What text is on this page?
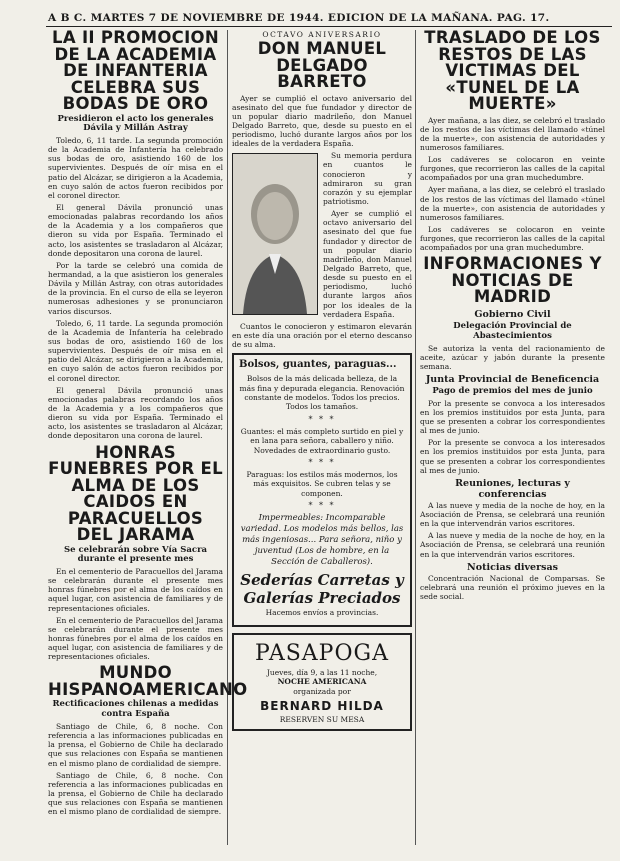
A B C. MARTES 7 DE NOVIEMBRE DE 1944. EDICION DE LA MAÑANA. PAG. 17.
LA II PROMOCION DE LA ACADEMIA DE INFANTERIA CELEBRA SUS BODAS DE ORO
Presidieron el acto los generales Dávila y Millán Astray

Toledo, 6, 11 tarde. La segunda promoción de la Academia de Infantería ha celebrado sus bodas de oro, asistiendo 160 de los supervivientes. Después de oír misa en el patio del Alcázar, se dirigieron a la Academia, en cuyo salón de actos fueron recibidos por el coronel director.

El general Dávila pronunció unas emocionadas palabras recordando los años de la Academia y a los compañeros que dieron su vida por España. Terminado el acto, los asistentes se trasladaron al Alcázar, donde depositaron una corona de laurel.

Por la tarde se celebró una comida de hermandad, a la que asistieron los generales Dávila y Millán Astray, con otras autoridades de la provincia. En el curso de ella se leyeron numerosas adhesiones y se pronunciaron varios discursos.

Toledo, 6, 11 tarde. La segunda promoción de la Academia de Infantería ha celebrado sus bodas de oro, asistiendo 160 de los supervivientes. Después de oír misa en el patio del Alcázar, se dirigieron a la Academia, en cuyo salón de actos fueron recibidos por el coronel director.

El general Dávila pronunció unas emocionadas palabras recordando los años de la Academia y a los compañeros que dieron su vida por España. Terminado el acto, los asistentes se trasladaron al Alcázar, donde depositaron una corona de laurel.

HONRAS FUNEBRES POR EL ALMA DE LOS CAIDOS EN PARACUELLOS DEL JARAMA
Se celebrarán sobre Vía Sacra durante el presente mes

En el cementerio de Paracuellos del Jarama se celebrarán durante el presente mes honras fúnebres por el alma de los caídos en aquel lugar, con asistencia de familiares y de representaciones oficiales.

En el cementerio de Paracuellos del Jarama se celebrarán durante el presente mes honras fúnebres por el alma de los caídos en aquel lugar, con asistencia de familiares y de representaciones oficiales.

MUNDO HISPANOAMERICANO
Rectificaciones chilenas a medidas contra España

Santiago de Chile, 6, 8 noche. Con referencia a las informaciones publicadas en la prensa, el Gobierno de Chile ha declarado que sus relaciones con España se mantienen en el mismo plano de cordialidad de siempre.

Santiago de Chile, 6, 8 noche. Con referencia a las informaciones publicadas en la prensa, el Gobierno de Chile ha declarado que sus relaciones con España se mantienen en el mismo plano de cordialidad de siempre.

OCTAVO ANIVERSARIO
DON MANUEL DELGADO BARRETO

Ayer se cumplió el octavo aniversario del asesinato del que fue fundador y director de un popular diario madrileño, don Manuel Delgado Barreto, que, desde su puesto en el periodismo, luchó durante largos años por los ideales de la verdadera España.

Su memoria perdura en cuantos le conocieron y admiraron su gran corazón y su ejemplar patriotismo.

Ayer se cumplió el octavo aniversario del asesinato del que fue fundador y director de un popular diario madrileño, don Manuel Delgado Barreto, que, desde su puesto en el periodismo, luchó durante largos años por los ideales de la verdadera España.

Cuantos le conocieron y estimaron elevarán en este día una oración por el eterno descanso de su alma.

Bolsos, guantes, paraguas...

Bolsos de la más delicada belleza, de la más fina y depurada elegancia. Renovación constante de modelos. Todos los precios. Todos los tamaños.

* * *

Guantes: el más completo surtido en piel y en lana para señora, caballero y niño. Novedades de extraordinario gusto.

* * *

Paraguas: los estilos más modernos, los más exquisitos. Se cubren telas y se componen.

* * *

Impermeables: Incomparable variedad. Los modelos más bellos, las más ingeniosas... Para señora, niño y juventud (Los de hombre, en la Sección de Caballeros).

Sederías Carretas y Galerías Preciados

Hacemos envíos a provincias.

PASAPOGA

Jueves, día 9, a las 11 noche,

NOCHE AMERICANA

organizada por

BERNARD HILDA

RESERVEN SU MESA

TRASLADO DE LOS RESTOS DE LAS VICTIMAS DEL «TUNEL DE LA MUERTE»

Ayer mañana, a las diez, se celebró el traslado de los restos de las víctimas del llamado «túnel de la muerte», con asistencia de autoridades y numerosos familiares.

Los cadáveres se colocaron en veinte furgones, que recorrieron las calles de la capital acompañados por una gran muchedumbre.

Ayer mañana, a las diez, se celebró el traslado de los restos de las víctimas del llamado «túnel de la muerte», con asistencia de autoridades y numerosos familiares.

Los cadáveres se colocaron en veinte furgones, que recorrieron las calles de la capital acompañados por una gran muchedumbre.

INFORMACIONES Y NOTICIAS DE MADRID
Gobierno Civil
Delegación Provincial de Abastecimientos

Se autoriza la venta del racionamiento de aceite, azúcar y jabón durante la presente semana.

Junta Provincial de Beneficencia
Pago de premios del mes de junio

Por la presente se convoca a los interesados en los premios instituidos por esta Junta, para que se presenten a cobrar los correspondientes al mes de junio.

Por la presente se convoca a los interesados en los premios instituidos por esta Junta, para que se presenten a cobrar los correspondientes al mes de junio.

Reuniones, lecturas y conferencias

A las nueve y media de la noche de hoy, en la Asociación de Prensa, se celebrará una reunión en la que intervendrán varios escritores.

A las nueve y media de la noche de hoy, en la Asociación de Prensa, se celebrará una reunión en la que intervendrán varios escritores.

Noticias diversas

Concentración Nacional de Comparsas. Se celebrará una reunión el próximo jueves en la sede social.
